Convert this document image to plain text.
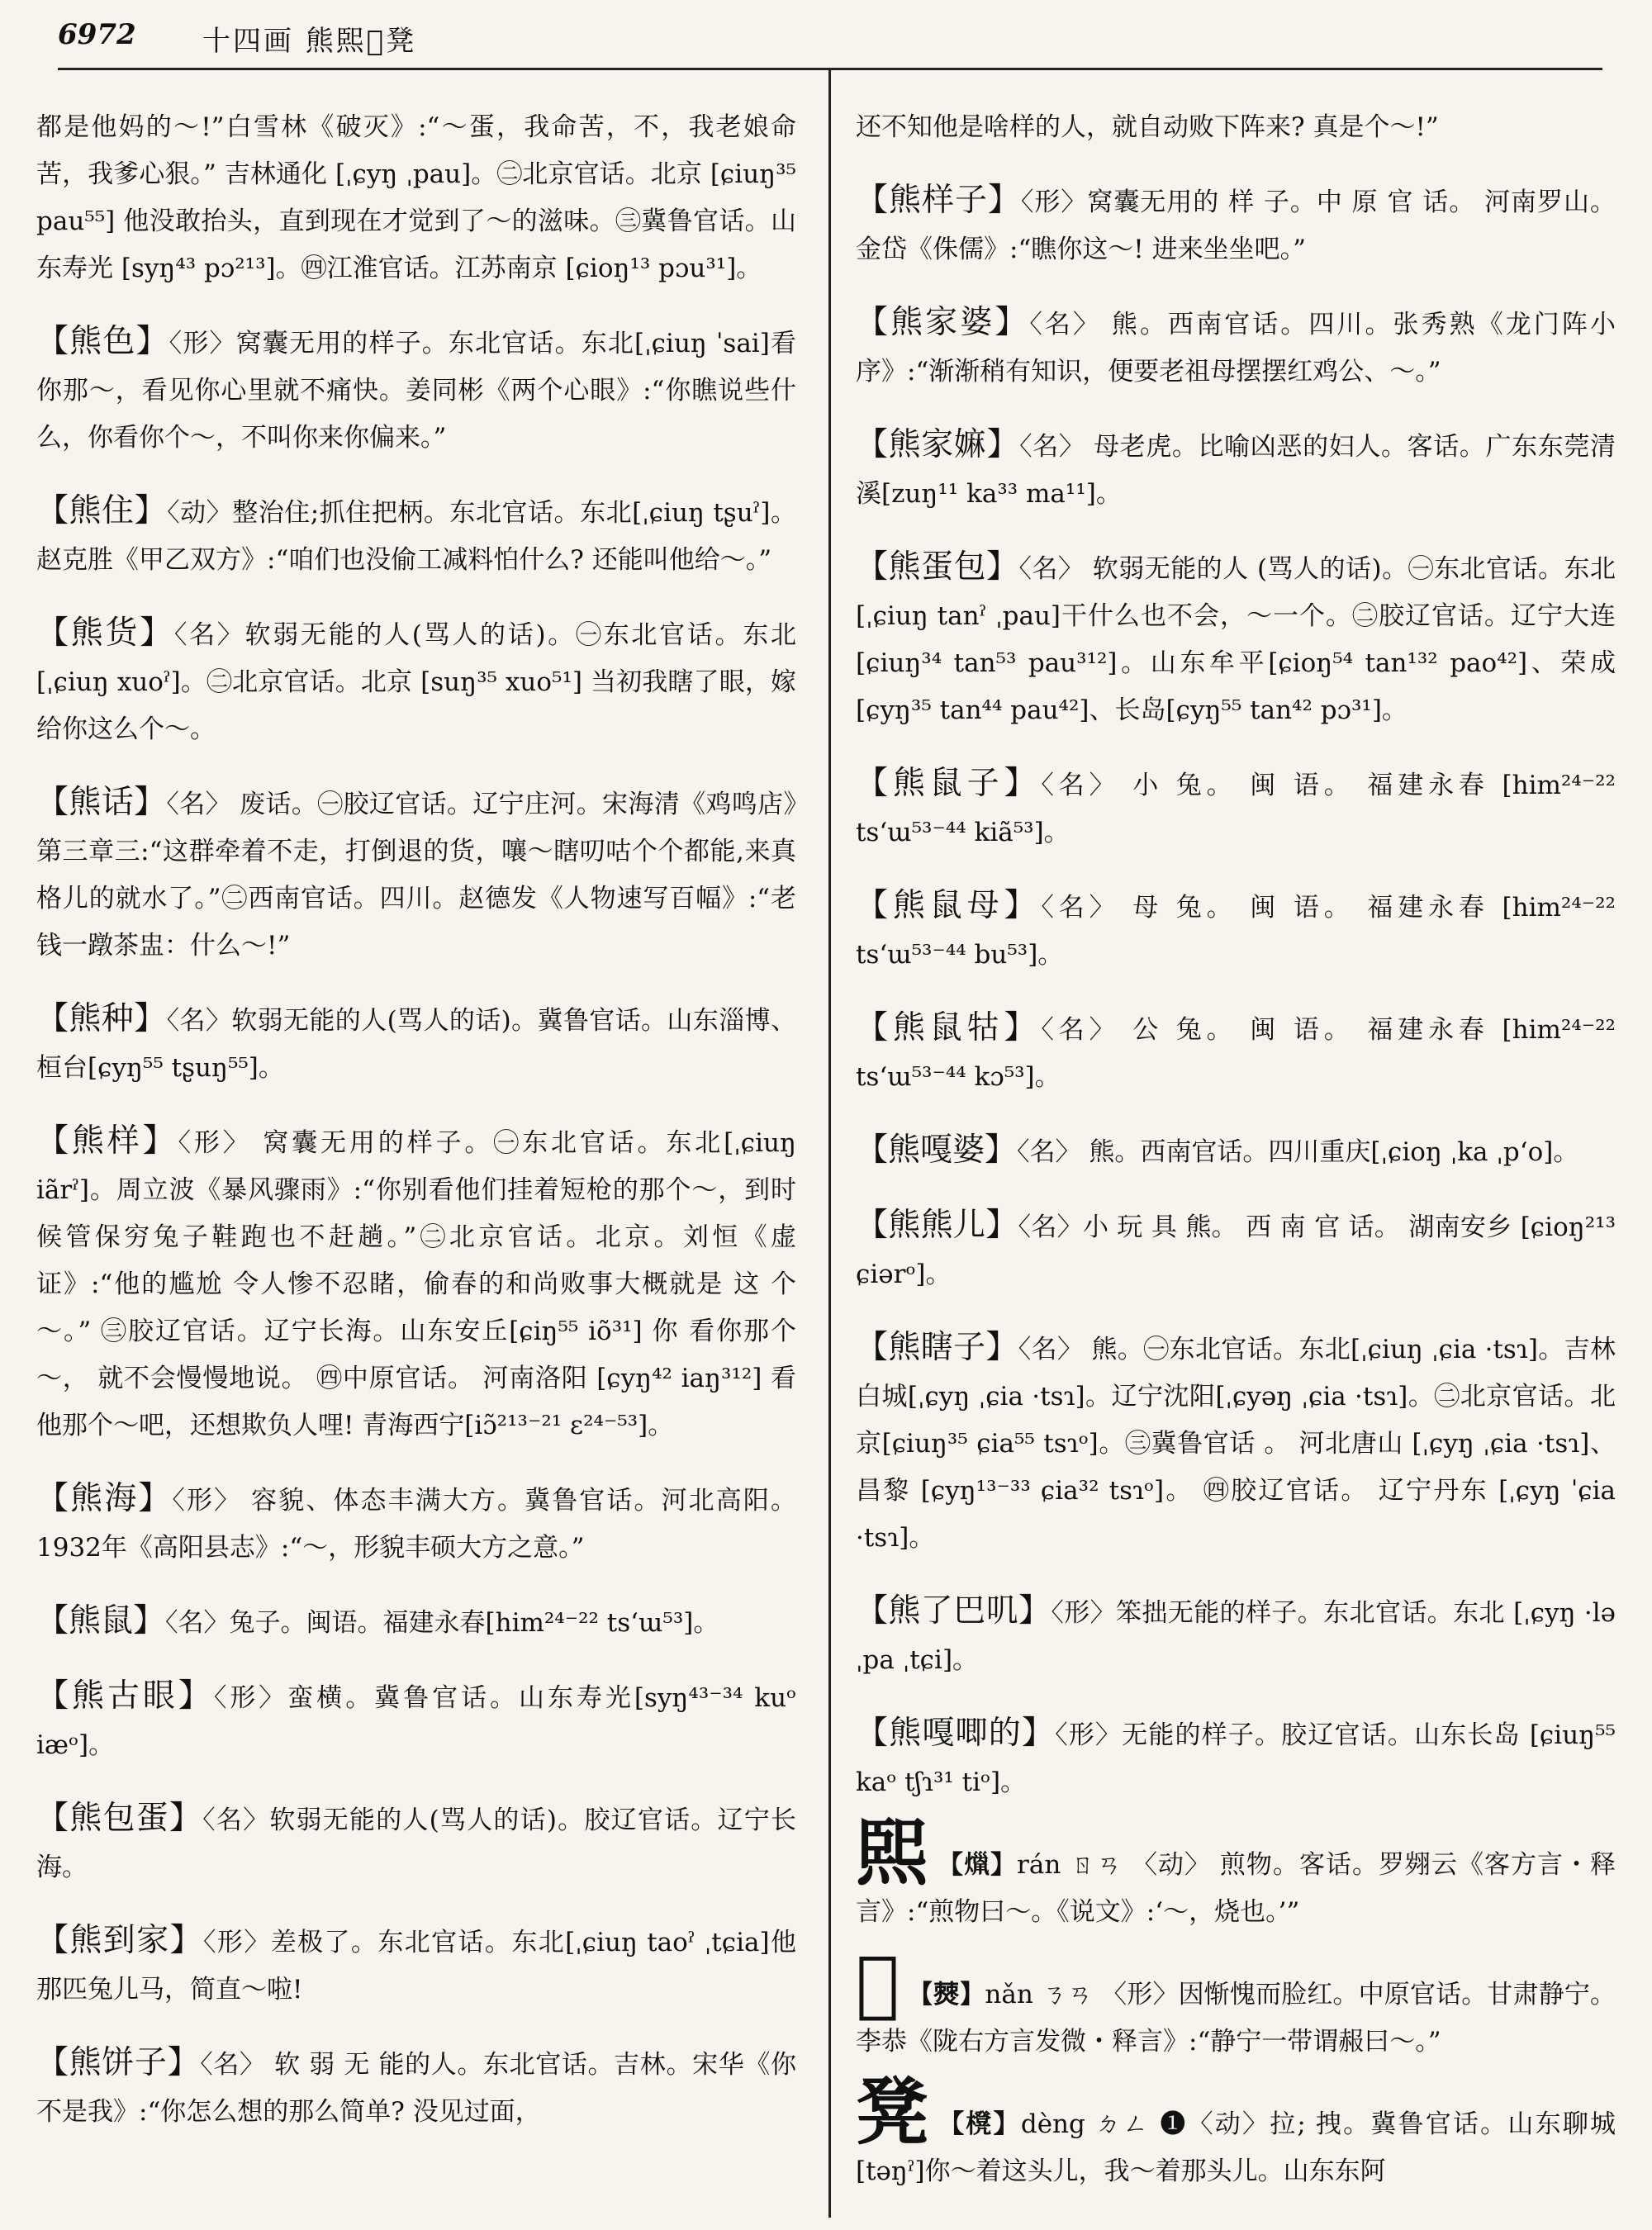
6972 十四画 熊𤋮𤎅凳

都是他妈的～!”白雪林《破灭》:“～蛋，我命苦，不，我老娘命苦，我爹心狠。” 吉林通化 [ˌɕyŋ ˌpau]。㊁北京官话。北京 [ɕiuŋ³⁵ pau⁵⁵] 他没敢抬头，直到现在才觉到了～的滋味。㊂冀鲁官话。山东寿光 [syŋ⁴³ pɔ²¹³]。㊃江淮官话。江苏南京 [ɕioŋ¹³ pɔu³¹]。

【熊色】〈形〉窝囊无用的样子。东北官话。东北[ˌɕiuŋ ˈsai]看你那～，看见你心里就不痛快。姜同彬《两个心眼》:“你瞧说些什么，你看你个～，不叫你来你偏来。”

【熊住】〈动〉整治住;抓住把柄。东北官话。东北[ˌɕiuŋ tʂuˀ]。赵克胜《甲乙双方》:“咱们也没偷工减料怕什么? 还能叫他给～。”

【熊货】〈名〉软弱无能的人(骂人的话)。㊀东北官话。东北[ˌɕiuŋ xuoˀ]。㊁北京官话。北京 [suŋ³⁵ xuo⁵¹] 当初我瞎了眼，嫁给你这么个～。

【熊话】〈名〉 废话。㊀胶辽官话。辽宁庄河。宋海清《鸡鸣店》第三章三:“这群牵着不走，打倒退的货，嚷～瞎叨咕个个都能,来真格儿的就水了。”㊁西南官话。四川。赵德发《人物速写百幅》:“老钱一蹾茶盅：什么～!”

【熊种】〈名〉软弱无能的人(骂人的话)。冀鲁官话。山东淄博、桓台[ɕyŋ⁵⁵ tʂuŋ⁵⁵]。

【熊样】〈形〉 窝囊无用的样子。㊀东北官话。东北[ˌɕiuŋ iãrˀ]。周立波《暴风骤雨》:“你别看他们挂着短枪的那个～，到时候管保穷兔子鞋跑也不赶趟。”㊁北京官话。北京。刘恒《虚证》:“他的尴尬 令人惨不忍睹，偷春的和尚败事大概就是 这 个 ～。” ㊂胶辽官话。辽宁长海。山东安丘[ɕiŋ⁵⁵ iõ³¹] 你 看你那个～， 就不会慢慢地说。 ㊃中原官话。 河南洛阳 [ɕyŋ⁴² iaŋ³¹²] 看他那个～吧，还想欺负人哩! 青海西宁[iɔ̃²¹³⁻²¹ ɛ²⁴⁻⁵³]。

【熊海】〈形〉 容貌、体态丰满大方。冀鲁官话。河北高阳。1932年《高阳县志》:“～，形貌丰硕大方之意。”

【熊鼠】〈名〉兔子。闽语。福建永春[him²⁴⁻²² tsʻɯ⁵³]。

【熊古眼】〈形〉蛮横。冀鲁官话。山东寿光[syŋ⁴³⁻³⁴ kuᵒ iæᵒ]。

【熊包蛋】〈名〉软弱无能的人(骂人的话)。胶辽官话。辽宁长海。

【熊到家】〈形〉差极了。东北官话。东北[ˌɕiuŋ taoˀ ˌtɕia]他那匹兔儿马，简直～啦!

【熊饼子】〈名〉 软 弱 无 能的人。东北官话。吉林。宋华《你不是我》:“你怎么想的那么简单? 没见过面，

还不知他是啥样的人，就自动败下阵来? 真是个～!”

【熊样子】〈形〉窝囊无用的 样 子。中 原 官 话。 河南罗山。金岱《侏儒》:“瞧你这～! 进来坐坐吧。”

【熊家婆】〈名〉 熊。西南官话。四川。张秀熟《龙门阵小序》:“渐渐稍有知识，便要老祖母摆摆红鸡公、～。”

【熊家嫲】〈名〉 母老虎。比喻凶恶的妇人。客话。广东东莞清溪[zuŋ¹¹ ka³³ ma¹¹]。

【熊蛋包】〈名〉 软弱无能的人 (骂人的话)。㊀东北官话。东北[ˌɕiuŋ tanˀ ˌpau]干什么也不会，～一个。㊁胶辽官话。辽宁大连[ɕiuŋ³⁴ tan⁵³ pau³¹²]。山东牟平[ɕioŋ⁵⁴ tan¹³² pao⁴²]、荣成 [ɕyŋ³⁵ tan⁴⁴ pau⁴²]、长岛[ɕyŋ⁵⁵ tan⁴² pɔ³¹]。

【熊鼠子】〈名〉 小 兔。 闽 语。 福建永春 [him²⁴⁻²² tsʻɯ⁵³⁻⁴⁴ kiã⁵³]。

【熊鼠母】〈名〉 母 兔。 闽 语。 福建永春 [him²⁴⁻²² tsʻɯ⁵³⁻⁴⁴ bu⁵³]。

【熊鼠牯】〈名〉 公 兔。 闽 语。 福建永春 [him²⁴⁻²² tsʻɯ⁵³⁻⁴⁴ kɔ⁵³]。

【熊嘎婆】〈名〉 熊。西南官话。四川重庆[ˌɕioŋ ˌka ˌpʻo]。

【熊熊儿】〈名〉小 玩 具 熊。 西 南 官 话。 湖南安乡 [ɕioŋ²¹³ ɕiərᵒ]。

【熊瞎子】〈名〉 熊。㊀东北官话。东北[ˌɕiuŋ ˌɕia ·tsɿ]。吉林白城[ˌɕyŋ ˌɕia ·tsɿ]。辽宁沈阳[ˌɕyəŋ ˌɕia ·tsɿ]。㊁北京官话。北京[ɕiuŋ³⁵ ɕia⁵⁵ tsɿᵒ]。㊂冀鲁官话 。 河北唐山 [ˌɕyŋ ˌɕia ·tsɿ]、 昌黎 [ɕyŋ¹³⁻³³ ɕia³² tsɿᵒ]。 ㊃胶辽官话。 辽宁丹东 [ˌɕyŋ ˈɕia ·tsɿ]。

【熊了巴叽】〈形〉笨拙无能的样子。东北官话。东北 [ˌɕyŋ ·lə ˌpa ˌtɕi]。

【熊嘎唧的】〈形〉无能的样子。胶辽官话。山东长岛 [ɕiuŋ⁵⁵ kaᵒ tʃɿ³¹ tiᵒ]。

𤋮 【𤎞】rán ㄖㄢ 〈动〉 煎物。客话。罗翙云《客方言・释言》:“煎物曰～。《说文》:‘～，烧也。’”

𤎅 【𤏡】nǎn ㄋㄢ 〈形〉因惭愧而脸红。中原官话。甘肃静宁。李恭《陇右方言发微・释言》:“静宁一带谓赧曰～。”

凳 【櫈】dèng ㄉㄥ ❶〈动〉拉; 拽。冀鲁官话。山东聊城 [təŋˀ]你～着这头儿，我～着那头儿。山东东阿
